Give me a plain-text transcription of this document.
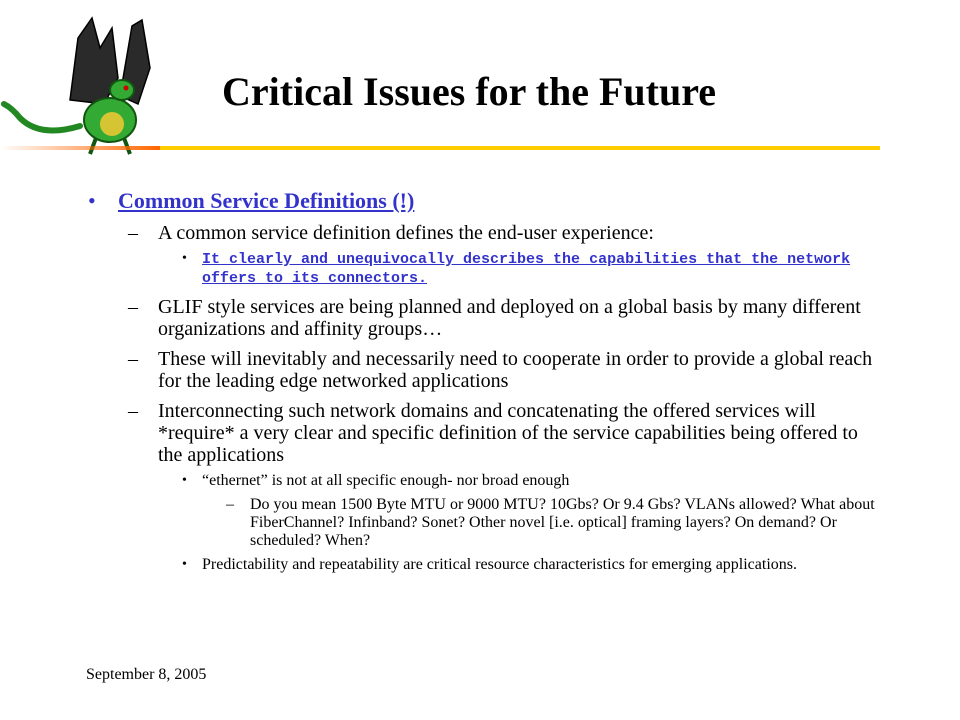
Critical Issues for the Future
• Common Service Definitions (!)
– A common service definition defines the end-user experience:
• It clearly and unequivocally describes the capabilities that the network offers to its connectors.
– GLIF style services are being planned and deployed on a global basis by many different organizations and affinity groups…
– These will inevitably and necessarily need to cooperate in order to provide a global reach for the leading edge networked applications
– Interconnecting such network domains and concatenating the offered services will *require* a very clear and specific definition of the service capabilities being offered to the applications
• “ethernet” is not at all specific enough- nor broad enough
– Do you mean 1500 Byte MTU or 9000 MTU? 10Gbs? Or 9.4 Gbs? VLANs allowed? What about FiberChannel? Infinband? Sonet? Other novel [i.e. optical] framing layers? On demand? Or scheduled? When?
• Predictability and repeatability are critical resource characteristics for emerging applications.
September 8, 2005
